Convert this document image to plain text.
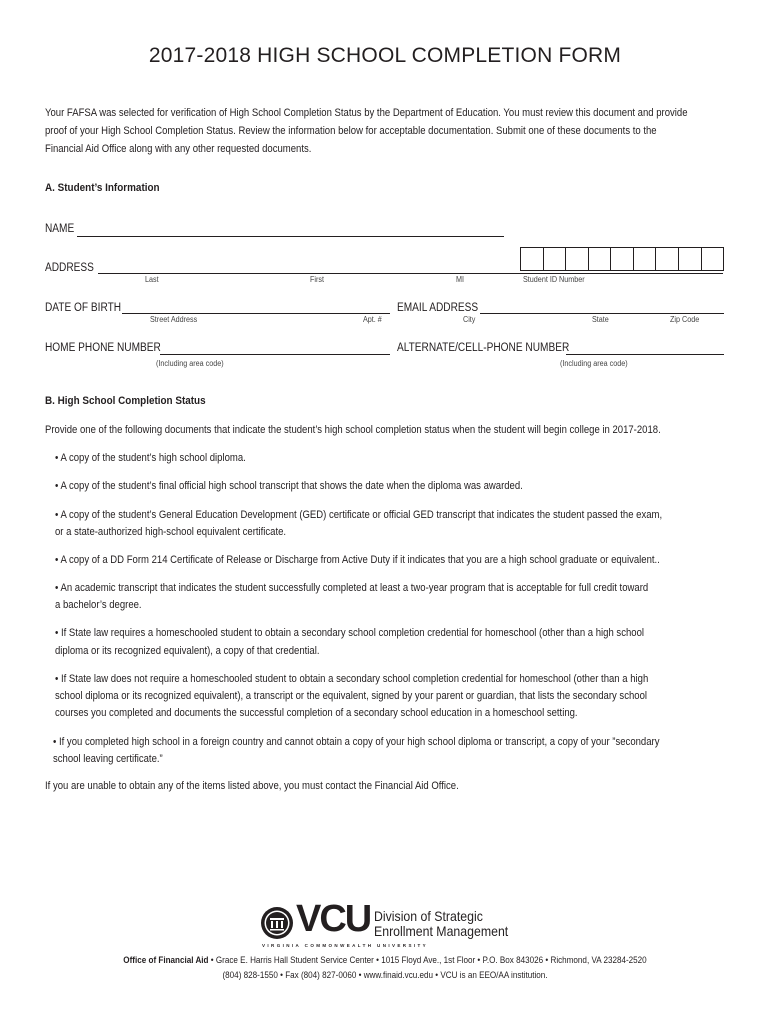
2017-2018 HIGH SCHOOL COMPLETION FORM
Your FAFSA was selected for verification of High School Completion Status by the Department of Education. You must review this document and provide
proof of your High School Completion Status. Review the information below for acceptable documentation. Submit one of these documents to the
Financial Aid Office along with any other requested documents.
A. Student’s Information
NAME
ADDRESS
Last	First	MI	Student ID Number
DATE OF BIRTH	EMAIL ADDRESS
Street Address	Apt. #	City	State	Zip Code
HOME PHONE NUMBER	ALTERNATE/CELL-PHONE NUMBER
(Including area code)	(Including area code)
B. High School Completion Status
Provide one of the following documents that indicate the student’s high school completion status when the student will begin college in 2017-2018.
• A copy of the student’s high school diploma.
• A copy of the student’s final official high school transcript that shows the date when the diploma was awarded.
• A copy of the student’s General Education Development (GED) certificate or official GED transcript that indicates the student passed the exam,
or a state-authorized high-school equivalent certificate.
• A copy of a DD Form 214 Certificate of Release or Discharge from Active Duty if it indicates that you are a high school graduate or equivalent..
• An academic transcript that indicates the student successfully completed at least a two-year program that is acceptable for full credit toward
a bachelor’s degree.
• If State law requires a homeschooled student to obtain a secondary school completion credential for homeschool (other than a high school
diploma or its recognized equivalent), a copy of that credential.
• If State law does not require a homeschooled student to obtain a secondary school completion credential for homeschool (other than a high
school diploma or its recognized equivalent), a transcript or the equivalent, signed by your parent or guardian, that lists the secondary school
courses you completed and documents the successful completion of a secondary school education in a homeschool setting.
• If you completed high school in a foreign country and cannot obtain a copy of your high school diploma or transcript, a copy of your ”secondary
school leaving certificate.”
If you are unable to obtain any of the items listed above, you must contact the Financial Aid Office.
VCU Division of Strategic
Enrollment Management
VIRGINIA COMMONWEALTH UNIVERSITY
Office of Financial Aid • Grace E. Harris Hall Student Service Center • 1015 Floyd Ave., 1st Floor • P.O. Box 843026 • Richmond, VA 23284-2520
(804) 828-1550 • Fax (804) 827-0060 • www.finaid.vcu.edu • VCU is an EEO/AA institution.
